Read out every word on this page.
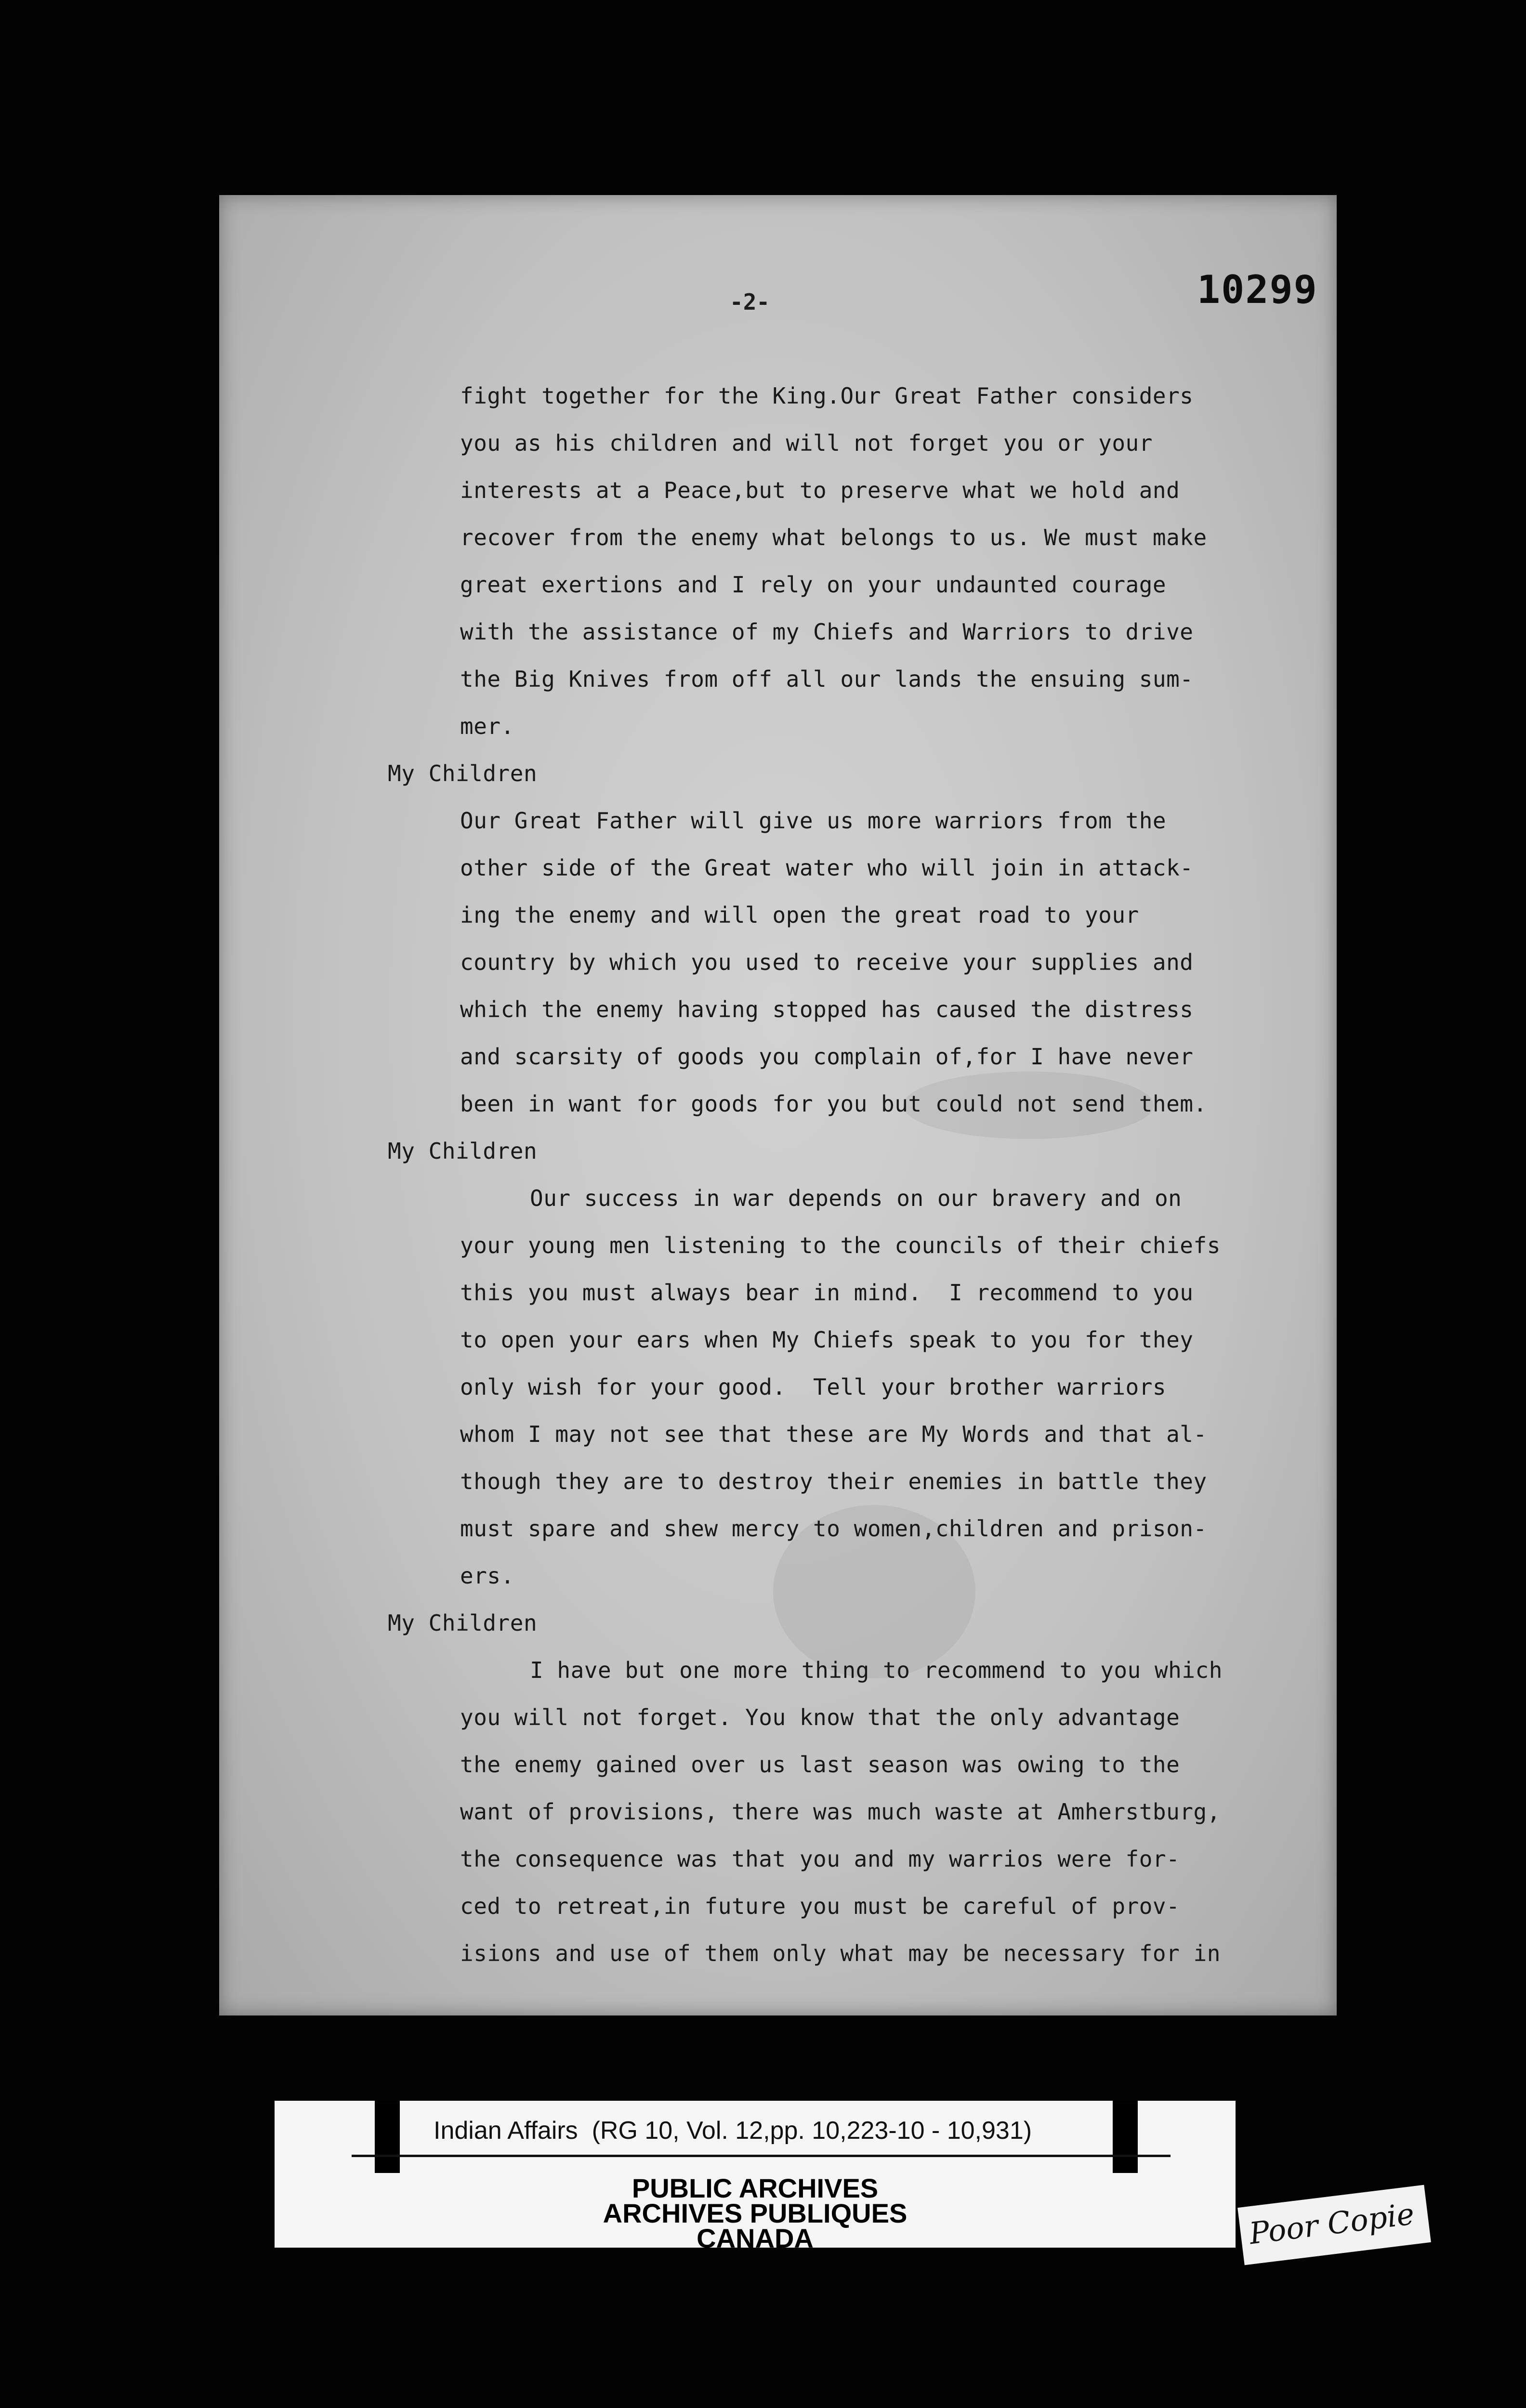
-2-	10299
fight together for the King.Our Great Father considers
you as his children and will not forget you or your
interests at a Peace,but to preserve what we hold and
recover from the enemy what belongs to us. We must make
great exertions and I rely on your undaunted courage
with the assistance of my Chiefs and Warriors to drive
the Big Knives from off all our lands the ensuing sum-
mer.
My Children
Our Great Father will give us more warriors from the
other side of the Great water who will join in attack-
ing the enemy and will open the great road to your
country by which you used to receive your supplies and
which the enemy having stopped has caused the distress
and scarsity of goods you complain of,for I have never
been in want for goods for you but could not send them.
My Children
Our success in war depends on our bravery and on
your young men listening to the councils of their chiefs
this you must always bear in mind.  I recommend to you
to open your ears when My Chiefs speak to you for they
only wish for your good.  Tell your brother warriors
whom I may not see that these are My Words and that al-
though they are to destroy their enemies in battle they
must spare and shew mercy to women,children and prison-
ers.
My Children
I have but one more thing to recommend to you which
you will not forget. You know that the only advantage
the enemy gained over us last season was owing to the
want of provisions, there was much waste at Amherstburg,
the consequence was that you and my warrios were for-
ced to retreat,in future you must be careful of prov-
isions and use of them only what may be necessary for in
Indian Affairs  (RG 10, Vol. 12,pp. 10,223-10 - 10,931)
PUBLIC ARCHIVES
ARCHIVES PUBLIQUES
CANADA	Poor Copie
